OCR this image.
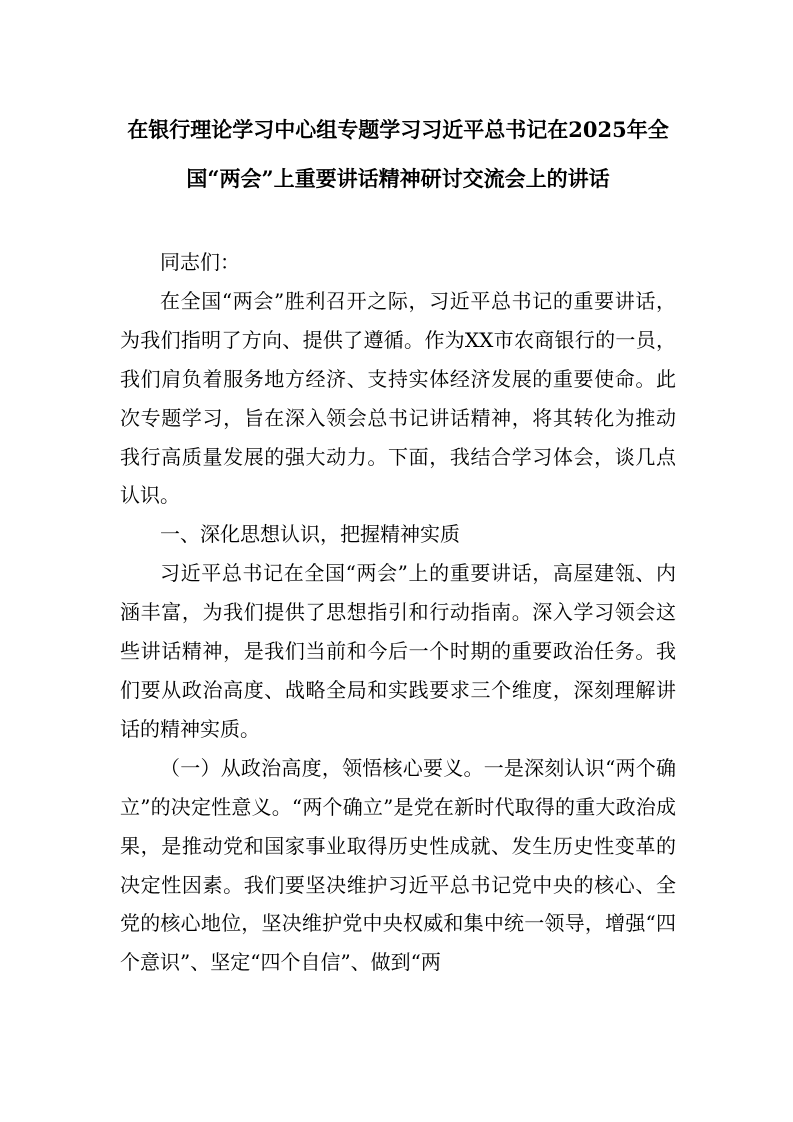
在银行理论学习中心组专题学习习近平总书记在2025年全
国“两会”上重要讲话精神研讨交流会上的讲话

同志们：

在全国“两会”胜利召开之际，习近平总书记的重要讲话，为我们指明了方向、提供了遵循。作为XX市农商银行的一员，我们肩负着服务地方经济、支持实体经济发展的重要使命。此次专题学习，旨在深入领会总书记讲话精神，将其转化为推动我行高质量发展的强大动力。下面，我结合学习体会，谈几点认识。

一、深化思想认识，把握精神实质

习近平总书记在全国“两会”上的重要讲话，高屋建瓴、内涵丰富，为我们提供了思想指引和行动指南。深入学习领会这些讲话精神，是我们当前和今后一个时期的重要政治任务。我们要从政治高度、战略全局和实践要求三个维度，深刻理解讲话的精神实质。

（一）从政治高度，领悟核心要义。一是深刻认识“两个确立”的决定性意义。“两个确立”是党在新时代取得的重大政治成果，是推动党和国家事业取得历史性成就、发生历史性变革的决定性因素。我们要坚决维护习近平总书记党中央的核心、全党的核心地位，坚决维护党中央权威和集中统一领导，增强“四个意识”、坚定“四个自信”、做到“两
